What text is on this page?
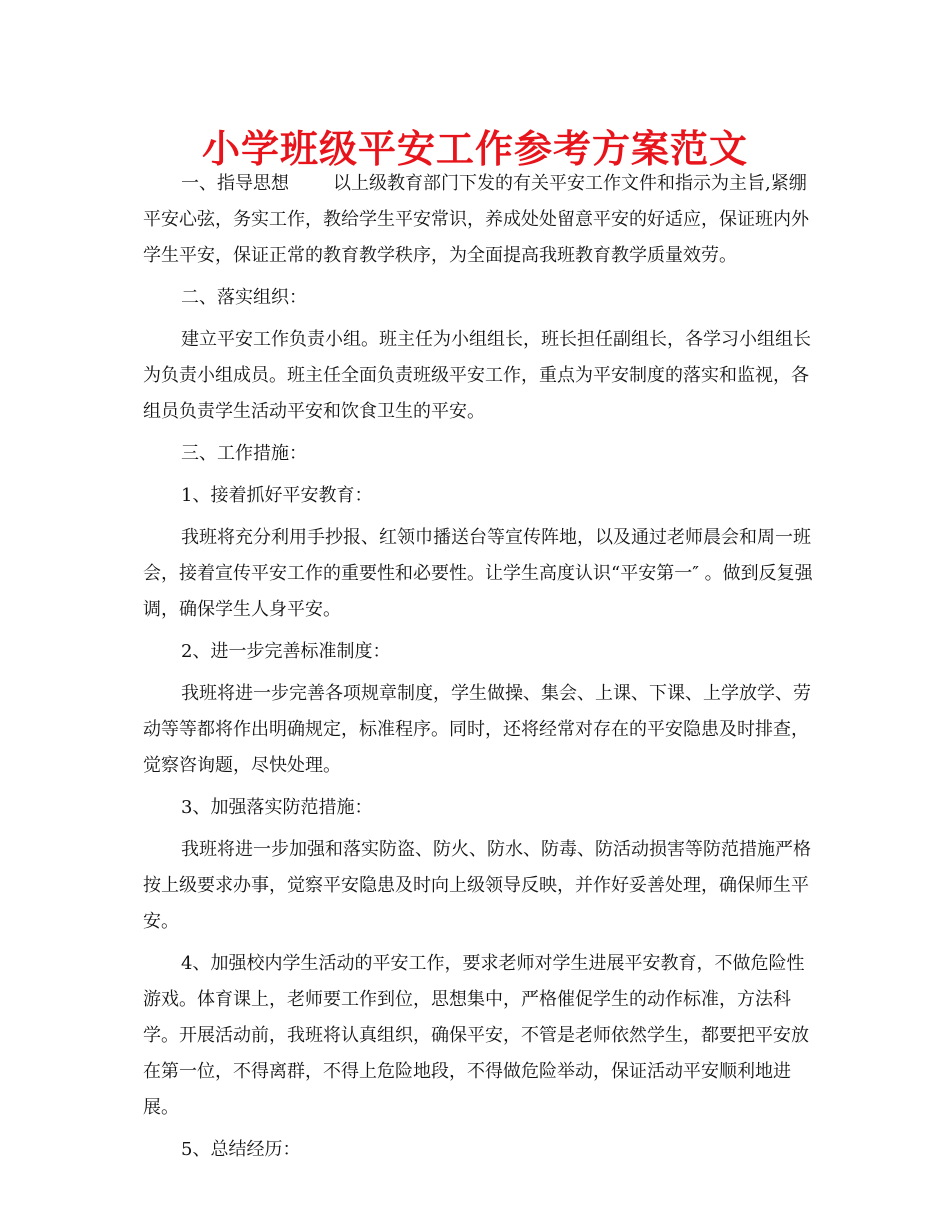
小学班级平安工作参考方案范文

一、指导思想 以上级教育部门下发的有关平安工作文件和指示为主旨,紧绷平安心弦，务实工作，教给学生平安常识，养成处处留意平安的好适应，保证班内外学生平安，保证正常的教育教学秩序，为全面提高我班教育教学质量效劳。

二、落实组织：

建立平安工作负责小组。班主任为小组组长，班长担任副组长，各学习小组组长为负责小组成员。班主任全面负责班级平安工作，重点为平安制度的落实和监视，各组员负责学生活动平安和饮食卫生的平安。

三、工作措施：

1、接着抓好平安教育：

我班将充分利用手抄报、红领巾播送台等宣传阵地，以及通过老师晨会和周一班会，接着宣传平安工作的重要性和必要性。让学生高度认识“平安第一″ 。做到反复强调，确保学生人身平安。

2、进一步完善标准制度：

我班将进一步完善各项规章制度，学生做操、集会、上课、下课、上学放学、劳动等等都将作出明确规定，标准程序。同时，还将经常对存在的平安隐患及时排查，觉察咨询题，尽快处理。

3、加强落实防范措施：

我班将进一步加强和落实防盗、防火、防水、防毒、防活动损害等防范措施严格按上级要求办事，觉察平安隐患及时向上级领导反映，并作好妥善处理，确保师生平安。

4、加强校内学生活动的平安工作，要求老师对学生进展平安教育，不做危险性游戏。体育课上，老师要工作到位，思想集中，严格催促学生的动作标准，方法科学。开展活动前，我班将认真组织，确保平安，不管是老师依然学生，都要把平安放在第一位，不得离群，不得上危险地段，不得做危险举动，保证活动平安顺利地进展。

5、总结经历：
